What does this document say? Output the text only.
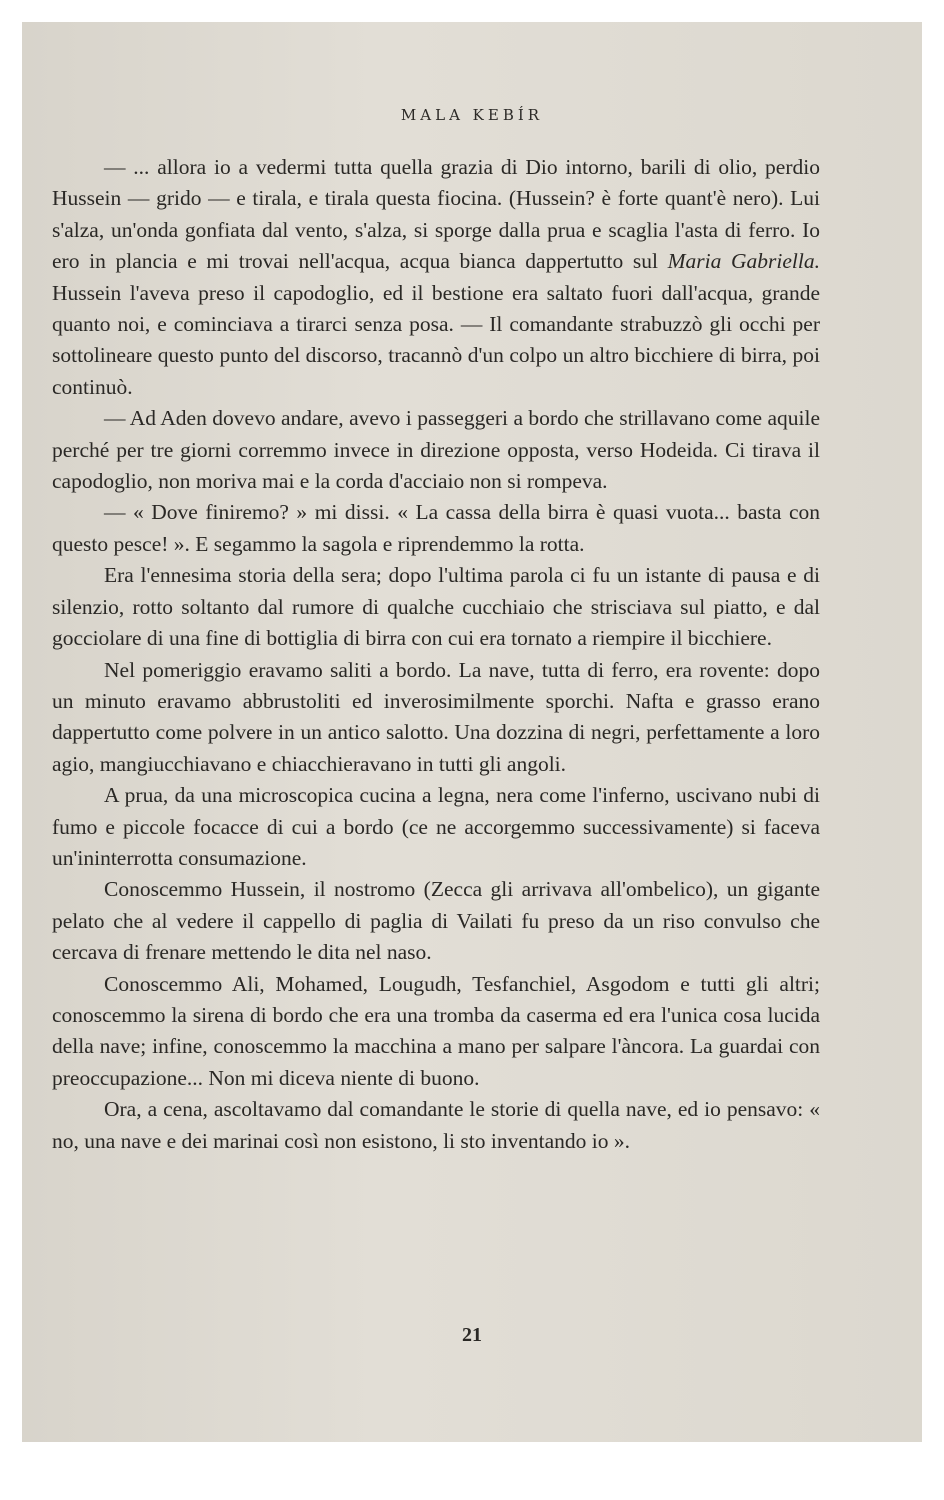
MALA KEBÍR

— ... allora io a vedermi tutta quella grazia di Dio intorno, barili di olio, perdio Hussein — grido — e tirala, e tirala questa fiocina. (Hussein? è forte quant'è nero). Lui s'alza, un'onda gonfiata dal vento, s'alza, si sporge dalla prua e scaglia l'asta di ferro. Io ero in plancia e mi trovai nell'acqua, acqua bianca dappertutto sul Maria Gabriella. Hussein l'aveva preso il capodoglio, ed il bestione era saltato fuori dall'acqua, grande quanto noi, e cominciava a tirarci senza posa. — Il comandante strabuzzò gli occhi per sottolineare questo punto del discorso, tracannò d'un colpo un altro bicchiere di birra, poi continuò.

— Ad Aden dovevo andare, avevo i passeggeri a bordo che strillavano come aquile perché per tre giorni corremmo invece in direzione opposta, verso Hodeida. Ci tirava il capodoglio, non moriva mai e la corda d'acciaio non si rompeva.

— « Dove finiremo? » mi dissi. « La cassa della birra è quasi vuota... basta con questo pesce! ». E segammo la sagola e riprendemmo la rotta.

Era l'ennesima storia della sera; dopo l'ultima parola ci fu un istante di pausa e di silenzio, rotto soltanto dal rumore di qualche cucchiaio che strisciava sul piatto, e dal gocciolare di una fine di bottiglia di birra con cui era tornato a riempire il bicchiere.

Nel pomeriggio eravamo saliti a bordo. La nave, tutta di ferro, era rovente: dopo un minuto eravamo abbrustoliti ed inverosimilmente sporchi. Nafta e grasso erano dappertutto come polvere in un antico salotto. Una dozzina di negri, perfettamente a loro agio, mangiucchiavano e chiacchieravano in tutti gli angoli.

A prua, da una microscopica cucina a legna, nera come l'inferno, uscivano nubi di fumo e piccole focacce di cui a bordo (ce ne accorgemmo successivamente) si faceva un'ininterrotta consumazione.

Conoscemmo Hussein, il nostromo (Zecca gli arrivava all'ombelico), un gigante pelato che al vedere il cappello di paglia di Vailati fu preso da un riso convulso che cercava di frenare mettendo le dita nel naso.

Conoscemmo Ali, Mohamed, Lougudh, Tesfanchiel, Asgodom e tutti gli altri; conoscemmo la sirena di bordo che era una tromba da caserma ed era l'unica cosa lucida della nave; infine, conoscemmo la macchina a mano per salpare l'àncora. La guardai con preoccupazione... Non mi diceva niente di buono.

Ora, a cena, ascoltavamo dal comandante le storie di quella nave, ed io pensavo: « no, una nave e dei marinai così non esistono, li sto inventando io ».

21
